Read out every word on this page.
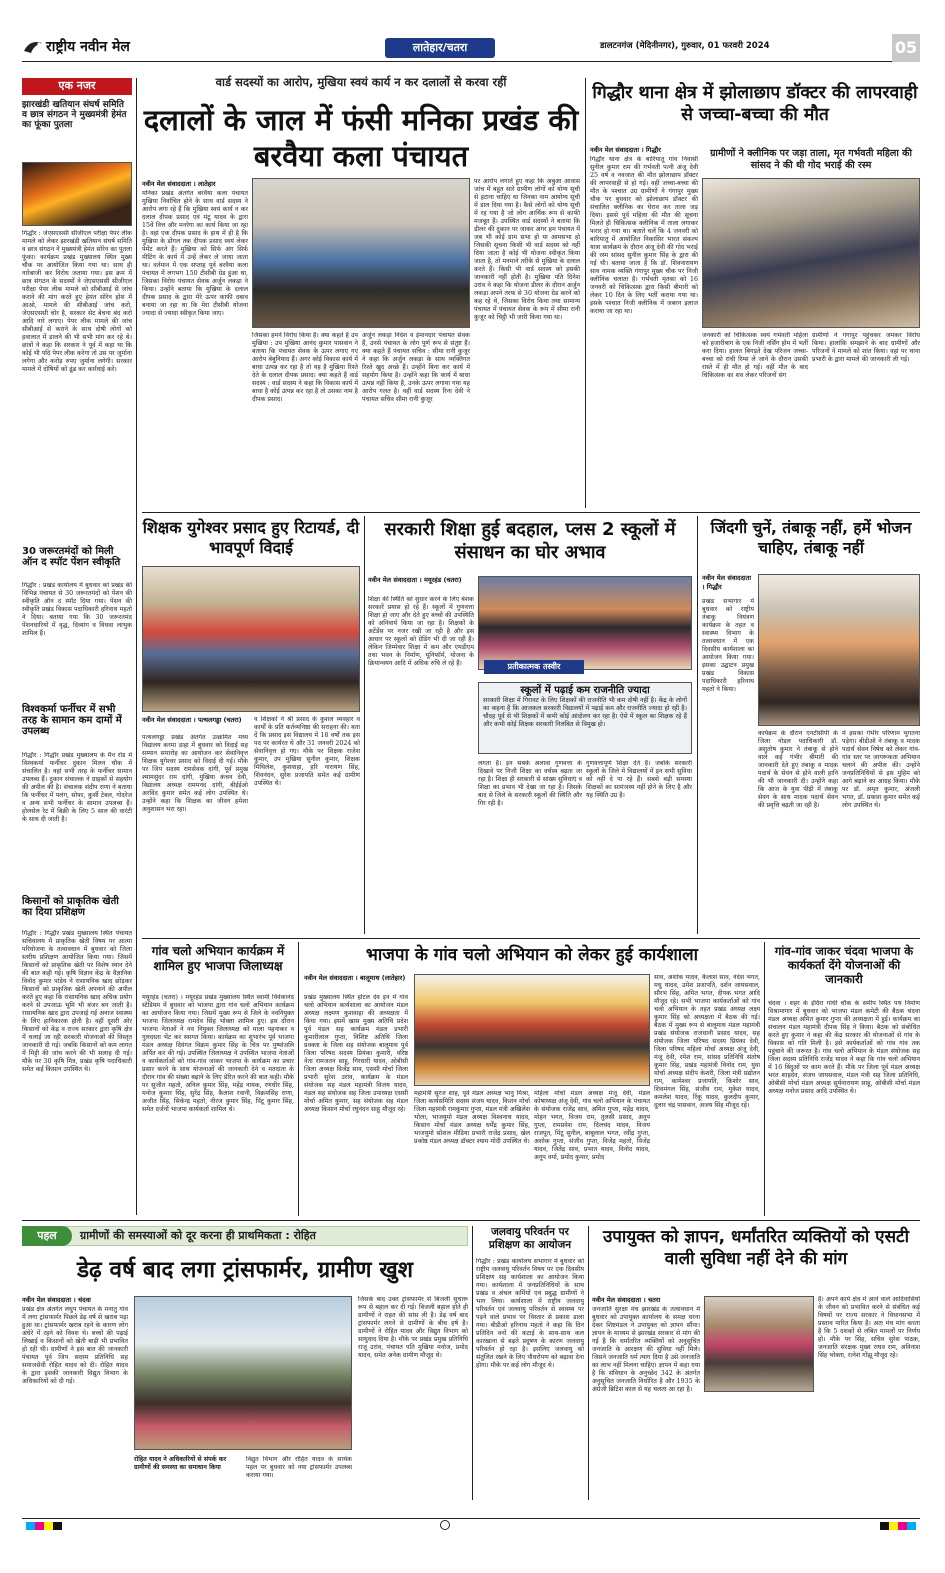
राष्ट्रीय नवीन मेल	लातेहार/चतरा	डालटनगंज (मेदिनीनगर), गुरुवार, 01 फरवरी 2024	05
एक नजर
झारखंडी खतियान संघर्ष समिति व छात्र संगठन ने मुख्यमंत्री हेमंत का फूंका पुतला
गिद्धौर : जेएसएससी सीजीएल परीक्षा पेपर लीक मामले को लेकर झारखंडी खतियान संघर्ष समिति व छात्र संगठन ने मुख्यमंत्री हेमंत सोरेन का पुतला फूंका। कार्यक्रम प्रखंड मुख्यालय स्थित मुख्य चौक पर आयोजित किया गया था। साथ ही नारेबाजी कर विरोध जताया गया। इस क्रम में छात्र संगठन के सदस्यों ने जेएसएससी सीजीएल परीक्षा पेपर लीक मामले को सीबीआई से जांच कराने की मांग करते हुए हेमंत सोरेन होश में आओ, मामले की सीबीआई जांच करो, जेएसएससी चोर है, सरकार सेट बेचना बंद करो आदि नारे लगाए। पेपर लीक मामले की जांच सीबीआई से कराने के साथ दोषी लोगों को हवालात में डालने की भी सभी मांग कर रहे थे। छात्रों ने कहा कि सरकार ने पूर्व में कहा था कि कोई भी पदि पेपर लीक करेगा तो उस पर जुर्माना लगेगा और करोड़ रुपए जुर्माना लगेगी। सरकार मामले में दोषियों को ढूंढ कर कार्रवाई करे।
30 जरूरतमंदों को मिली ऑन द स्पॉट पेंशन स्वीकृति
गिद्धौर : प्रखंड कार्यालय में बुधवार को प्रखंड की विभिन्न पंचायत से 30 जरूरतमंदों को पेंशन की स्वीकृति ऑन द स्पॉट दिया गया। पेंशन की स्वीकृति प्रखंड विकास पदाधिकारी हरिनाथ महतो ने दिया। बताया गया कि 30 जरूरतमंद पेंशनधारियों में वृद्ध, दिव्यांग व विधवा लाभुक शामिल हैं।
विश्वकर्मा फर्नीचर में सभी तरह के सामान कम दामों में उपलब्ध
गिद्धौर : गिद्धौर प्रखंड मुख्यालय के मैन रोड में विश्वकर्मा फर्नीचर दुकान मिलन चौक में संचालित है। वहां सभी तरह के फर्नीचर सामान उपलब्ध हैं। दुकान संचालक ने ग्राहकों से सहयोग की अपील की है। संचालक संदीप राणा ने बताया कि फर्नीचर में पलंग, सोफा, कुर्सी टेबल, गोदरेज व अन्य सभी फर्नीचर के सामान उपलब्ध हैं। होलसेल रेट में बिक्री के लिए 5 साल की वारंटी के साथ दी जाती है।
किसानों को प्राकृतिक खेती का दिया प्रशिक्षण
गिद्धौर : गिद्धौर प्रखंड मुख्यालय स्थित पंचायत सचिवालय में प्राकृतिक खेती विषय पर आत्मा परियोजना के तत्वावधान में बुधवार को जिला स्तरीय प्रशिक्षण आयोजित किया गया। जिसमें किसानों को प्राकृतिक खेती पर विशेष ध्यान देने की बात कही गई। कृषि विज्ञान केंद्र के वैज्ञानिक विनोद कुमार पांडेय ने रासायनिक खाद छोड़कर किसानों को प्राकृतिक खेती अपनाने की अपील करते हुए कहा कि रासायनिक खाद अधिक प्रयोग करने से उपजाऊ भूमि भी बंजर बन जाती है। रासायनिक खाद द्वारा उपजाई गई अनाज स्वास्थ्य के लिए हानिकारक होती है। वहीं दूसरी ओर किसानों को केंद्र व राज्य सरकार द्वारा कृषि क्षेत्र में चलाई जा रही सरकारी योजनाओं की विस्तृत जानकारी दी गई। जबकि किसानों को कम लागत में मिट्टी की जांच करने की भी सलाह दी गई। मौके पर 30 कृषि मित्र, प्रखंड कृषि पदाधिकारी समेत कई किसान उपस्थित थे।
वार्ड सदस्यों का आरोप, मुखिया स्वयं कार्य न कर दलालों से करवा रहीं
दलालों के जाल में फंसी मनिका प्रखंड की बरवैया कला पंचायत
नवीन मेल संवाददाता । लातेहार
मनिका प्रखंड अंतर्गत बरवैया कला पंचायत मुखिया निर्वाचित होने के साथ वार्ड सदस्य ने आरोप लगा रहे हैं कि मुखिया स्वयं कार्य न कर दलाल दीपक प्रसाद एवं मंटू यादव के द्वारा 15वें वित्त और मनरेगा का कार्य किया जा रहा है। वहां एक दीपक प्रसाद के हाथ में ही है कि मुखिया के डोंगल तक दीपक प्रसाद स्वयं लेकर पेमेंट करते हैं। मुखिया को सिर्फ अंग सिर्फ मीटिंग के कार्य में उन्हें लेकर ले जाया जाता था। वर्तमान में एक सप्ताह पूर्व बरवैया कला पंचायत में लगभग 150 टीसीबी ग्रेड हुआ था, जिसका विरोध पंचायत सेवक अर्जुन लकड़ा ने किया। उन्होंने बताया कि मुखिया के दलाल दीपक प्रसाद के द्वारा मेरे ऊपर काफी दबाव बनाया जा रहा था कि मेरा टीसीबी योजना ज्यादा से ज्यादा स्वीकृत किया जाए।
जिसका हमने विरोध किया है। क्या कहते हैं उप मुखिया : उप मुखिया आनंद कुमार पासवान ने बताया कि पंचायत सेवक के ऊपर लगाए गए आरोप बेबुनियाद हैं। अगर कोई विकास कार्य में बाधा उत्पन्न कर रहा है तो यह है मुखिया रिश्ते देते के दलाल दीपक प्रसाद। क्या कहते हैं वार्ड सदस्य : वार्ड सदस्य ने कहा कि विकास कार्य में बाधा है कोई उत्पन्न कर रहा है तो उसका नाम है दीपक प्रसाद।
अर्जुन लकड़ा निर्देश व ईमानदार पंचायत सेवक हैं, उनसे पंचायत के लोग पूर्ण रूप से संतुष्ट हैं। क्या कहते हैं पंचायत सचिव : सीमा रानी कुजूर ने कहा कि अर्जुन लकड़ा के साथ व्यक्तिगत रिश्ते खुद अच्छे हैं। उन्होंने बिना कर कार्य में सहयोग किया है। उन्होंने कहा कि कार्य में बाधा उत्पन्न नहीं किया है, उनके ऊपर लगाया गया यह आरोप गलत है। वहीं वार्ड सदस्य रिना देवी ने पंचायत सचिव सीमा रानी कुजूर
पर आरोप लगाते हुए कहा कि अबुआ आवास जांच में बहुत सारे ग्रामीण लोगों को योग्य सूची से हटाना चाहिए था जिनका नाम आयोग्य सूची में डाल दिया गया है। कैसे लोगों को योग्य सूची में रह गया है जो लोग आर्थिक रूप से काफी मजबूत हैं। उपस्थित वार्ड सदस्यों ने बताया कि डीलर की दुकान पर जाकर अगर हम पंचायत में जब भी कोई ग्राम सभा हो या आमसभा हो जिसकी सूचना किसी भी वार्ड सदस्य को नहीं दिया जाता है कोई भी योजना स्वीकृत किया जाता है, तो मनमाने तरीके से मुखिया के दलाल करते हैं। किसी भी वार्ड सदस्य को इसकी जानकारी नहीं होती है। मुखिया पति दिनेश उरांव ने कहा कि योजना डीलर के दौरान अर्जुन लकड़ा अपने तरफ से 30 योजना ग्रेड करने को कह रहे थे, जिसका विरोध किया तथा सामान्य पंचायत में पंचायत सेवक के रूप में सीमा रानी कुजूर को चिट्ठी भी जारी किया गया था।
गिद्धौर थाना क्षेत्र में झोलाछाप डॉक्टर की लापरवाही से जच्चा-बच्चा की मौत
नवीन मेल संवाददाता । गिद्धौर
गिद्धौर थाना क्षेत्र के बारियातू गांव निवासी सुनील कुमार राम की गर्भवती पत्नी अंजू देवी 25 वर्ष व नवजात की मौत झोलाछाप डॉक्टर की लापरवाही से हो गई। वहीं जच्चा-बच्चा की मौत के पश्चात उग्र ग्रामीणों ने गंगापुर मुख्य चौक पर बुधवार को झोलाछाप डॉक्टर की संचालित क्लीनिक का घेराव कर ताला जड़ दिया। इससे पूर्व महिला की मौत की सूचना मिलते ही चिकित्सक क्लीनिक में ताला लगाकर फरार हो गया था। बताते चलें कि 4 जनवरी को बारियातू में आयोजित निकासिर भारत संकल्प यात्रा कार्यक्रम के दौरान अंजू देवी की गोद भराई की रस्म सांसद सुनील कुमार सिंह के द्वारा की गई थी। बताया जाता है कि डॉ. शिवनारायण साव नामक व्यक्ति गंगापुर मुख्य चौक पर निजी क्लीनिक चलाता है। गर्भवती मृतका को 16 जनवरी को चिकित्सक द्वारा किसी बीमारी को लेकर 10 दिन के लिए भर्ती कराया गया था। इसके पश्चात निजी क्लीनिक में जबरन इलाज कराया जा रहा था।
ग्रामीणों ने क्लीनिक पर जड़ा ताला, मृत गर्भवती महिला की सांसद ने की थी गोद भराई की रस्म
जनकारी को चिकित्सक स्वयं गर्भवती महिला को हजारीबाग के एक निजी नर्सिंग होम में भर्ती करा दिया। हालत बिगड़ते देख परिजन जच्चा-बच्चा को रांची रिम्स ले जाने के दौरान उसकी रास्ते में ही मौत हो गई। वहीं मौत के बाद चिकित्सक का शव लेकर परिजनों संग
ग्रामीणों ने गंगापुर पहुंचकर जमकर विरोध किया। हालांकि समझाने के बाद ग्रामीणों और परिजनों ने मामले को शांत किया। वहां पर थाना प्रभारी के द्वारा मामले की जानकारी ली गई।
शिक्षक युगेश्वर प्रसाद हुए रिटायर्ड, दी भावपूर्ण विदाई
नवीन मेल संवाददाता । पत्थलगड्डा (चतरा)
पत्थलगड्डा प्रखंड अंतर्गत उत्क्रमित मध्य विद्यालय करमा डाहा में बुधवार को विदाई सह सम्मान समारोह का आयोजन कर सेवानिवृत्त शिक्षक युगेश्वर प्रसाद को विदाई दी गई। मौके पर जिप सदस्य रामसेवक दांगी, पूर्व प्रमुख श्यामसुंदर राम दांगी, मुखिया कंचन देवी, विद्यालय अध्यक्ष राममनद दांगी, बीईईओ अरविंद कुमार समेत कई लोग उपस्थित थे। उन्होंने कहा कि शिक्षक का जीवन हमेशा अनुशासन भरा रहा।
व शिक्षकों ने श्री प्रसाद के कुशल व्यवहार व कार्यों के प्रति कर्तव्यनिष्ठा की सराहना की। बता दें कि प्रसाद इस विद्यालय में 18 वर्षों तक इस पद पर कार्यरत थे और 31 जनवरी 2024 को सेवानिवृत्त हो गए। मौके पर शिक्षक राजेश कुमार, उप मुखिया सुनील कुमार, शिक्षक मिथिलेश, कुशवाहा, हरि नारायण सिंह, शिवनंदन, सुरेश प्रजापति समेत कई ग्रामीण उपस्थित थे।
सरकारी शिक्षा हुई बदहाल, प्लस 2 स्कूलों में संसाधन का घोर अभाव
नवीन मेल संवाददाता । मयूरहंड (चतरा)
शिक्षा की स्थिति को सुधार करने के लिए बेशक सरकारें प्रयास हो रहे हैं। स्कूलों में गुणवत्ता शिक्षा हो जाए और देते हुए बच्चों की उपस्थिति को अनिवार्य किया जा रहा है। शिक्षकों के अटेंडेंस पर नजर रखी जा रही है और इस आधार पर स्कूलों को ग्रेडिंग भी दी जा रही है। लेकिन जिम्मेवार शिक्षा में कम और एमडीएम तथा भवन के निर्माण, यूनिफॉर्म, योजना के क्रियान्वयन आदि में अधिक रुचि ले रहे हैं।	प्रतीकात्मक तस्वीर
स्कूलों में पढ़ाई कम राजनीति ज्यादा
सरकारी शिक्षा में गिरावट के लिए शिक्षकों की राजनीति भी कम दोषी नहीं है। केंद्र के लोगों का कहना है कि आजकल सरकारी विद्यालयों में पढ़ाई कम और राजनीति ज्यादा हो रही है। चौदह पूर्व से भी शिक्षकों में कभी कोई आंदोलन कर रहा है। ऐसे में स्कूल का शिक्षक रहे हैं और कभी कोई शिक्षक सरकारी निलंबित से विमुख हो।
लगता है। इन सबके अलावा गुणवत्ता के दिखावे पर निजी शिक्षा का वर्चस्व बढ़ता जा रहा है। शिक्षा ही सरकारी से सांख्य सुविधाएं व शिक्षा का प्रभाव भी देखा जा रहा है। जिसके बाद से जिले के सरकारी स्कूलों की स्थिति और गिर रही है।
गुणवत्तापूर्ण शिक्षा देते हैं। जबकि सरकारी स्कूलों के जिले में विद्यालयों में इन सभी सुविधा को नहीं दे पा रहे हैं। सबसे बड़ी समस्या शिक्षकों का सामंजस्य नहीं होने के लिए है और यह स्थिति उग्र है।
जिंदगी चुनें, तंबाकू नहीं, हमें भोजन चाहिए, तंबाकू नहीं
नवीन मेल संवाददाता । गिद्धौर
प्रखंड सभागार में बुधवार को राष्ट्रीय तंबाकू नियंत्रण कार्यक्रम के तहत व स्वास्थ्य विभाग के तत्वावधान में एक दिवसीय कार्यशाला का आयोजन किया गया। इसका उद्घाटन प्रमुख प्रखंड विकास पदाधिकारी हरिनाथ महतो ने किया।
कार्यक्रम के दौरान एनटीसीपी के जिला नोडल पदाधिकारी डॉ. अशुतोष कुमार ने तंबाकू से होने वाले कई गंभीर बीमारी की जानकारी देते हुए तंबाकू व मादक पदार्थ के सेवन से होने वाली हानि की भी जानकारी दी। उन्होंने कहा कि आज के युवा पीढ़ी में तंबाकू सेवन के साथ मादक पदार्थ सेवन की प्रवृत्ति बढ़ती जा रही है।
में इसका गंभीर परिणाम भुगतना पड़ेगा। बीडीओ ने तंबाकू व मादक पदार्थ सेवन निषेध को लेकर गांव-गांव स्तर पर जागरूकता अभियान चलाने की अपील की। उन्होंने जनप्रतिनिधियों से इस मुहिम को आगे बढ़ाने का आग्रह किया। मौके पर डॉ. अमृत कुमार, अंजली भगत, डॉ. प्रकाश कुमार समेत कई लोग उपस्थित थे।
गांव चलो अभियान कार्यक्रम में शामिल हुए भाजपा जिलाध्यक्ष
मयूरहंड (चतरा) । मयूरहंड प्रखंड मुख्यालय स्थित स्वामी विवेकानंद स्टेडियम में बुधवार को भाजपा द्वारा गांव चलो अभियान कार्यक्रम का आयोजन किया गया। जिसमें मुख्य रूप से जिले के नवनियुक्त भाजपा जिलाध्यक्ष रामदेव सिंह भोक्ता शामिल हुए। इस दौरान भाजपा नेताओं ने नव नियुक्त जिलाध्यक्ष को माला पहनाकर व गुलदस्ता भेंट कर स्वागत किया। कार्यक्रम का शुभारंभ पूर्व भाजपा मंडल अध्यक्ष दिवंगत विक्रम कुमार सिंह के चित्र पर पुष्पांजलि अर्पित कर की गई। उपस्थित जिलाध्यक्ष ने उपस्थित भाजपा नेताओं व कार्यकर्ताओं को गांव-गांव जाकर भाजपा के कार्यक्रम का प्रचार प्रसार करने के साथ योजनाओं की जानकारी देने व मतदाता के दौरान गांव की संख्या बढ़ाने के लिए प्रेरित करने की बात कही। मौके पर सुजीत महतो, अनिल कुमार सिंह, महेंद्र नायक, रणधीर सिंह, मनोज कुमार सिंह, सुरेंद्र सिंह, कैलाश रवानी, विक्रमसिंह राणा, अजीत सिंह, सिकेन्द्र महतो, नीरज कुमार सिंह, पिंटू कुमार सिंह, समेत दर्जनों भाजपा कार्यकर्ता शामिल थे।
भाजपा के गांव चलो अभियान को लेकर हुई कार्यशाला
नवीन मेल संवाददाता । बालूमाथ (लातेहार)
प्रखंड मुख्यालय स्थित होटल देव इन में गांव चलो अभियान कार्यशाला का आयोजन मंडल अध्यक्ष लक्ष्मण कुशवाहा की अध्यक्षता में किया गया। इसमें खास मुख्य अतिथि प्रदेश पूर्व मंडल सह कार्यक्रम मंडल प्रभारी कुमारीलाल गुप्ता, विशिष्ट अतिथि जिला प्रवक्ता के जिला सह संयोजक बालूमाथ पूर्व जिला परिषद सदस्य प्रियंका कुमारी, वरिष्ठ नेता रामजतन साहू, गिरधारी यादव, ओबीसी जिला अध्यक्ष विजेंद्र साव, एससी मोर्चा जिला प्रभारी सुरेश उरांव, कार्यक्रम के मंडल संयोजक सह मंडल महामंत्री विजय यादव, मंडल सह संयोजक सह जिला उपाध्यक्ष एससी मोर्चा अमित कुमार, सह संयोजक सह मंडल अध्यक्ष किसान मोर्चा रघुनंदन साहू मौजूद रहे।
महामंत्री सूरज शाह, पूर्व मंडल अध्यक्ष भानु मिश्रा, जिला कार्यसमिति सदस्य संजय यादव, किशन मोर्चा जिला महामंत्री रामकुमार गुप्ता, मंडल मंत्री अखिलेश भोला, भाजयुमो मंडल अध्यक्ष विश्वनाथ यादव, किसान मोर्चा मंडल अध्यक्ष धर्मेंद्र कुमार सिंह, भाजयुमो सोशल मीडिया प्रभारी राजेंद्र प्रसाद, खेल प्रकोष्ठ मंडल अध्यक्ष डॉक्टर श्याम मोदी उपस्थित थे।
महिला मोर्चा मंडल अध्यक्ष मंजू देवी, मंडल कोषाध्यक्ष अंजू देवी, गांव चलो अभियान के पंचायत के संयोजक राजेंद्र साव, अमित गुप्ता, महेंद्र यादव, मोहन भगत, विजय राम, तुलसी प्रसाद, अनूप गुप्ता, रामप्रवेश राम, दिलचंद यादव, विजय राजपूत, मिंटू सुनील, बाबूलाल भगत, रवींद्र गुप्ता, अशोक गुप्ता, संजीव गुप्ता, विजेंद्र महतो, विजेंद्र यादव, जितेंद्र साव, प्रभात यादव, विनोद यादव, अनूप वर्मा, प्रमोद कुमार, प्रमोद
साव, अशोक यादव, कैलाश साव, नंदेश भगत, मधु यादव, उमेश प्रजापति, दर्शन जायसवाल, सौरभ सिंह, अमित भगत, दीपक भगत आदि मौजूद रहे। सभी भाजपा कार्यकर्ताओं को गांव चलो अभियान के तहत प्रखंड अध्यक्ष लक्ष्य कुमार सिंह को अध्यक्षता में बैठक की गई। बैठक में मुख्य रूप से बालूमाथ मंडल महामंत्री प्रखंड संयोजक राजधानी प्रसाद यादव, सह संयोजक जिला परिषद सदस्य प्रियंका देवी, जिला परिषद महिला मोर्चा अध्यक्ष अंजू देवी, मंजू देवी, रमेश राम, सांसद प्रतिनिधि संतोष कुमार सिंह, प्रखंड महामंत्री विनोद राम, युवा मोर्चा अध्यक्ष संदीप केशरी, जिला मंत्री प्रद्योतन राम, कामेश्वर प्रजापति, किशोर साव, शिवमंगल सिंह, संजीव राम, मुकेश यादव, कमलेश यादव, रिंकू यादव, कुलदीप कुमार, दुलार चंद्र पासवान, अजय सिंह मौजूद रहे।
गांव-गांव जाकर चंदवा भाजपा के कार्यकर्ता देंगे योजनाओं की जानकारी
चंदवा । शहर के इंदिरा गांधी चौक के समीप स्थित पथ निर्माण विश्रामागार में बुधवार को भाजपा मंडल कमेटी की बैठक चंदवा मंडल अध्यक्ष अमित कुमार गुप्ता की अध्यक्षता में हुई। कार्यक्रम का संचालन मंडल महामंत्री दीपक सिंह ने किया। बैठक को संबोधित करते हुए कुमार ने कहा की केंद्र सरकार की योजनाओं से गांव के विकास को गति मिली है। इसे कार्यकर्ताओं को गांव गांव तक पहुंचाने की जरूरत है। गांव चलो अभियान के मंडल संयोजक सह जिला सदस्य प्रतिनिधि राजेंद्र यादव ने कहा कि गांव चलो अभियान में 16 बिंदुओं पर काम करते हैं। मौके पर जिला पूर्व मंडल अध्यक्ष भरत शाहदेव, संजय जायसवाल, मंडल मंत्री सह जिला प्रतिनिधि, ओबीसी मोर्चा मंडल अध्यक्ष सुर्यनारायण साहू, ओबीसी मोर्चा मंडल अध्यक्ष मनोज प्रसाद आदि उपस्थित थे।
पहल ग्रामीणों की समस्याओं को दूर करना ही प्राथमिकता : रोहित
डेढ़ वर्ष बाद लगा ट्रांसफार्मर, ग्रामीण खुश
नवीन मेल संवाददाता । चंदवा
प्रखंड क्षेत्र अंतर्गत लधुप पंचायत के मनातु गांव में लगा ट्रांसफार्मर पिछले डेढ़ वर्ष से खराब पड़ा हुआ था। ट्रांसफार्मर खराब रहने के कारण लोग अंधेरे में रहने को विवश थे। बच्चों की पढ़ाई लिखाई व किसानों को खेती बाड़ी भी प्रभावित हो रही थी। ग्रामीणों ने इस बात की जानकारी पंचायत पूर्व जिप सदस्य प्रतिनिधि सह समाजसेवी रोहित यादव को दी। रोहित यादव के द्वारा इसकी जानकारी विद्युत विभाग के अधिकारियों को दी गई।
जिसके बाद उक्त ट्रांसफार्मर से बिजली सुचारू रूप से बहाल कर दी गई। बिजली बहाल होते ही ग्रामीणों ने राहत की सांस ली है। डेढ़ वर्ष बाद ट्रांसफार्मर लगने से ग्रामीणों के बीच हर्ष है। ग्रामीणों ने रोहित यादव और विद्युत विभाग को साधुवाद दिया है। मौके पर प्रखंड प्रमुख प्रतिनिधि राजू उरांव, पंचायत पति मुखिया मनोज, प्रमोद यादव, समेत अनेक ग्रामीण मौजूद थे।
रोहित यादव ने अधिकारियों से संपर्क कर ग्रामीणों की समस्या का समाधान किया
विद्युत विभाग और रोहित यादव के सार्थक पहल पर बुधवार को नया ट्रांसफार्मर उपलब्ध कराया गया।
जलवायु परिवर्तन पर प्रशिक्षण का आयोजन
गिद्धौर : प्रखंड कार्यालय सभागार में बुधवार को राष्ट्रीय जलवायु परिवर्तन विषय पर एक दिवसीय प्रशिक्षण सह कार्यशाला का आयोजन किया गया। कार्यशाला में जनप्रतिनिधियों के साथ प्रखंड व अंचल कर्मियों एवं प्रबुद्ध ग्रामीणों ने भाग लिया। कार्यशाला में राष्ट्रीय जलवायु परिवर्तन एवं जलवायु परिवर्तन से स्वास्थ्य पर पड़ने वाले प्रभाव पर विस्तार से प्रकाश डाला गया। बीडीओ हरिनाथ महतो ने कहा कि दिन प्रतिदिन वनों की कटाई के साथ-साथ कल कारखाना से बढ़ते प्रदूषण के कारण जलवायु परिवर्तन हो रहा है। इसलिए जलवायु को संतुलित रखने के लिए पौधरोपण को बढ़ावा देना होगा। मौके पर कई लोग मौजूद थे।
उपायुक्त को ज्ञापन, धर्मांतरित व्यक्तियों को एसटी वाली सुविधा नहीं देने की मांग
नवीन मेल संवाददाता । चतरा
जनजाति सुरक्षा मंच झारखंड के तत्वावधान में बुधवार को उपायुक्त कार्यालय के समक्ष धरना देकर शिष्टमंडल ने उपायुक्त को ज्ञापन सौंपा। ज्ञापन के माध्यम से झारखंड सरकार से मांग की गई है कि धर्मांतरित व्यक्तियों को अनुसूचित जनजाति के आरक्षण की सुविधा नहीं मिले। जिसने जनजाति धर्म त्याग दिया है उसे जनजाति का लाभ नहीं मिलना चाहिए। ज्ञापन में कहा गया है कि संविधान के अनुच्छेद 342 के अंतर्गत अनुसूचित जनजाति निर्धारित है और 1935 के अंग्रेजी ब्रिटिश काल से यह चलता आ रहा है।
हैं। अपने कार्य क्षेत्र में आने वाले आदिवासियों के जीवन को प्रभावित करने से संबंधित कई विषयों पर राज्य सरकार ने विधानसभा में प्रस्ताव पारित किया है। अतः मंच मांग करता है कि 5 दशकों से लंबित मामलों पर निर्णय हो। मौके पर सिंह, सचिव सुरेश पाठक, जनजाति संरक्षक मुख्य राघव राम, अविनाश सिंह भोक्ता, रत्नेश गोंझू मौजूद रहे।
